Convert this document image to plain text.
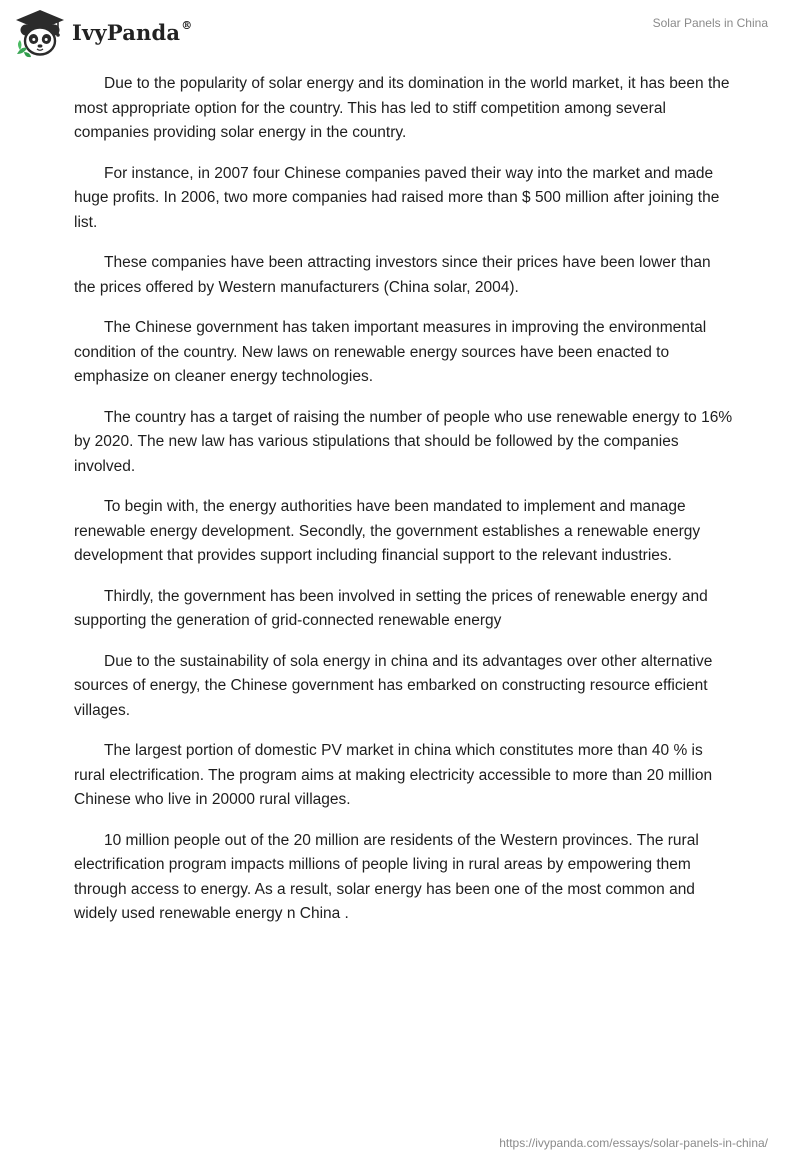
IvyPanda®	Solar Panels in China

Due to the popularity of solar energy and its domination in the world market, it has been the most appropriate option for the country. This has led to stiff competition among several companies providing solar energy in the country.

For instance, in 2007 four Chinese companies paved their way into the market and made huge profits. In 2006, two more companies had raised more than $ 500 million after joining the list.

These companies have been attracting investors since their prices have been lower than the prices offered by Western manufacturers (China solar, 2004).

The Chinese government has taken important measures in improving the environmental condition of the country. New laws on renewable energy sources have been enacted to emphasize on cleaner energy technologies.

The country has a target of raising the number of people who use renewable energy to 16% by 2020. The new law has various stipulations that should be followed by the companies involved.

To begin with, the energy authorities have been mandated to implement and manage renewable energy development. Secondly, the government establishes a renewable energy development that provides support including financial support to the relevant industries.

Thirdly, the government has been involved in setting the prices of renewable energy and supporting the generation of grid-connected renewable energy

Due to the sustainability of sola energy in china and its advantages over other alternative sources of energy, the Chinese government has embarked on constructing resource efficient villages.

The largest portion of domestic PV market in china which constitutes more than 40 % is rural electrification. The program aims at making electricity accessible to more than 20 million Chinese who live in 20000 rural villages.

10 million people out of the 20 million are residents of the Western provinces. The rural electrification program impacts millions of people living in rural areas by empowering them through access to energy. As a result, solar energy has been one of the most common and widely used renewable energy n China .

https://ivypanda.com/essays/solar-panels-in-china/
